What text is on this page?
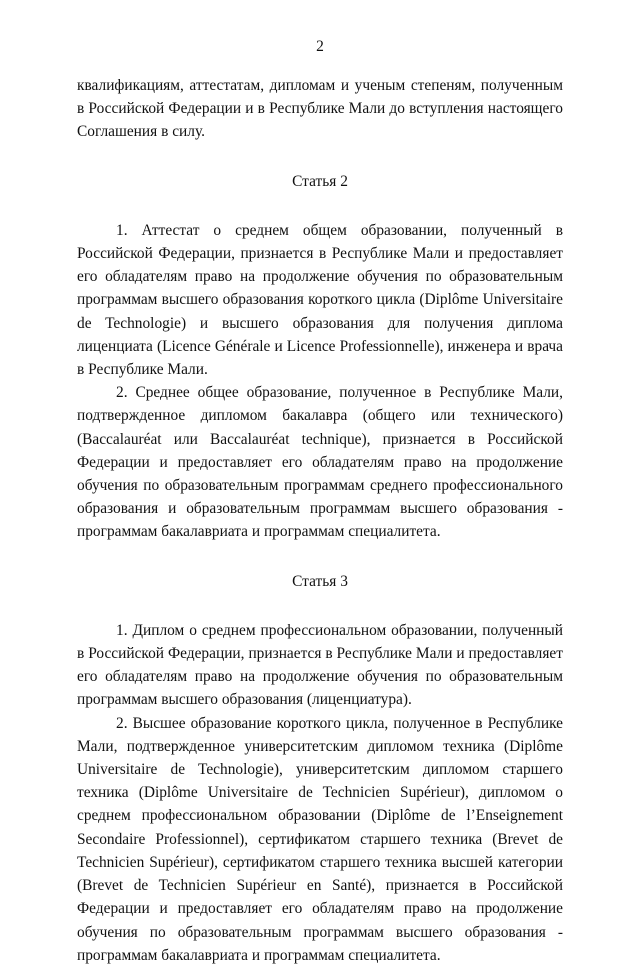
2

квалификациям, аттестатам, дипломам и ученым степеням, полученным в Российской Федерации и в Республике Мали до вступления настоящего Соглашения в силу.

Статья 2

1. Аттестат о среднем общем образовании, полученный в Российской Федерации, признается в Республике Мали и предоставляет его обладателям право на продолжение обучения по образовательным программам высшего образования короткого цикла (Diplôme Universitaire de Technologie) и высшего образования для получения диплома лиценциата (Licence Générale и Licence Professionnelle), инженера и врача в Республике Мали.

2. Среднее общее образование, полученное в Республике Мали, подтвержденное дипломом бакалавра (общего или технического) (Baccalauréat или Baccalauréat technique), признается в Российской Федерации и предоставляет его обладателям право на продолжение обучения по образовательным программам среднего профессионального образования и образовательным программам высшего образования - программам бакалавриата и программам специалитета.

Статья 3

1. Диплом о среднем профессиональном образовании, полученный в Российской Федерации, признается в Республике Мали и предоставляет его обладателям право на продолжение обучения по образовательным программам высшего образования (лиценциатура).

2. Высшее образование короткого цикла, полученное в Республике Мали, подтвержденное университетским дипломом техника (Diplôme Universitaire de Technologie), университетским дипломом старшего техника (Diplôme Universitaire de Technicien Supérieur), дипломом о среднем профессиональном образовании (Diplôme de l’Enseignement Secondaire Professionnel), сертификатом старшего техника (Brevet de Technicien Supérieur), сертификатом старшего техника высшей категории (Brevet de Technicien Supérieur en Santé), признается в Российской Федерации и предоставляет его обладателям право на продолжение обучения по образовательным программам высшего образования - программам бакалавриата и программам специалитета.
